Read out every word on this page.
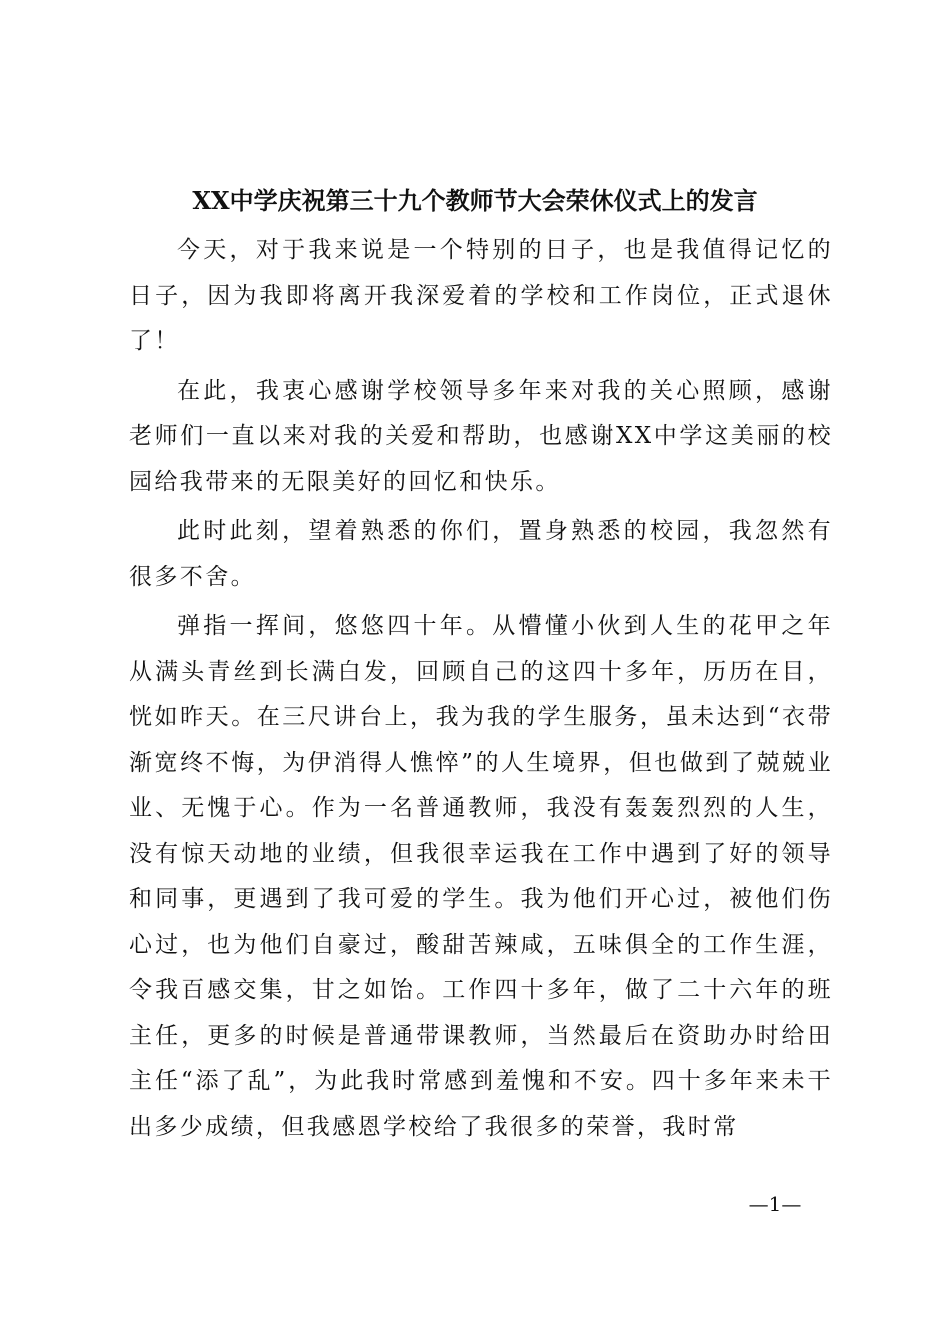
XX中学庆祝第三十九个教师节大会荣休仪式上的发言

今天，对于我来说是一个特别的日子，也是我值得记忆的日子，因为我即将离开我深爱着的学校和工作岗位，正式退休了！

在此，我衷心感谢学校领导多年来对我的关心照顾，感谢老师们一直以来对我的关爱和帮助，也感谢XX中学这美丽的校园给我带来的无限美好的回忆和快乐。

此时此刻，望着熟悉的你们，置身熟悉的校园，我忽然有很多不舍。

弹指一挥间，悠悠四十年。从懵懂小伙到人生的花甲之年从满头青丝到长满白发，回顾自己的这四十多年，历历在目，恍如昨天。在三尺讲台上，我为我的学生服务，虽未达到“衣带渐宽终不悔，为伊消得人憔悴”的人生境界，但也做到了兢兢业业、无愧于心。作为一名普通教师，我没有轰轰烈烈的人生，没有惊天动地的业绩，但我很幸运我在工作中遇到了好的领导和同事，更遇到了我可爱的学生。我为他们开心过，被他们伤心过，也为他们自豪过，酸甜苦辣咸，五味俱全的工作生涯，令我百感交集，甘之如饴。工作四十多年，做了二十六年的班主任，更多的时候是普通带课教师，当然最后在资助办时给田主任“添了乱”，为此我时常感到羞愧和不安。四十多年来未干出多少成绩，但我感恩学校给了我很多的荣誉，我时常

—1—
